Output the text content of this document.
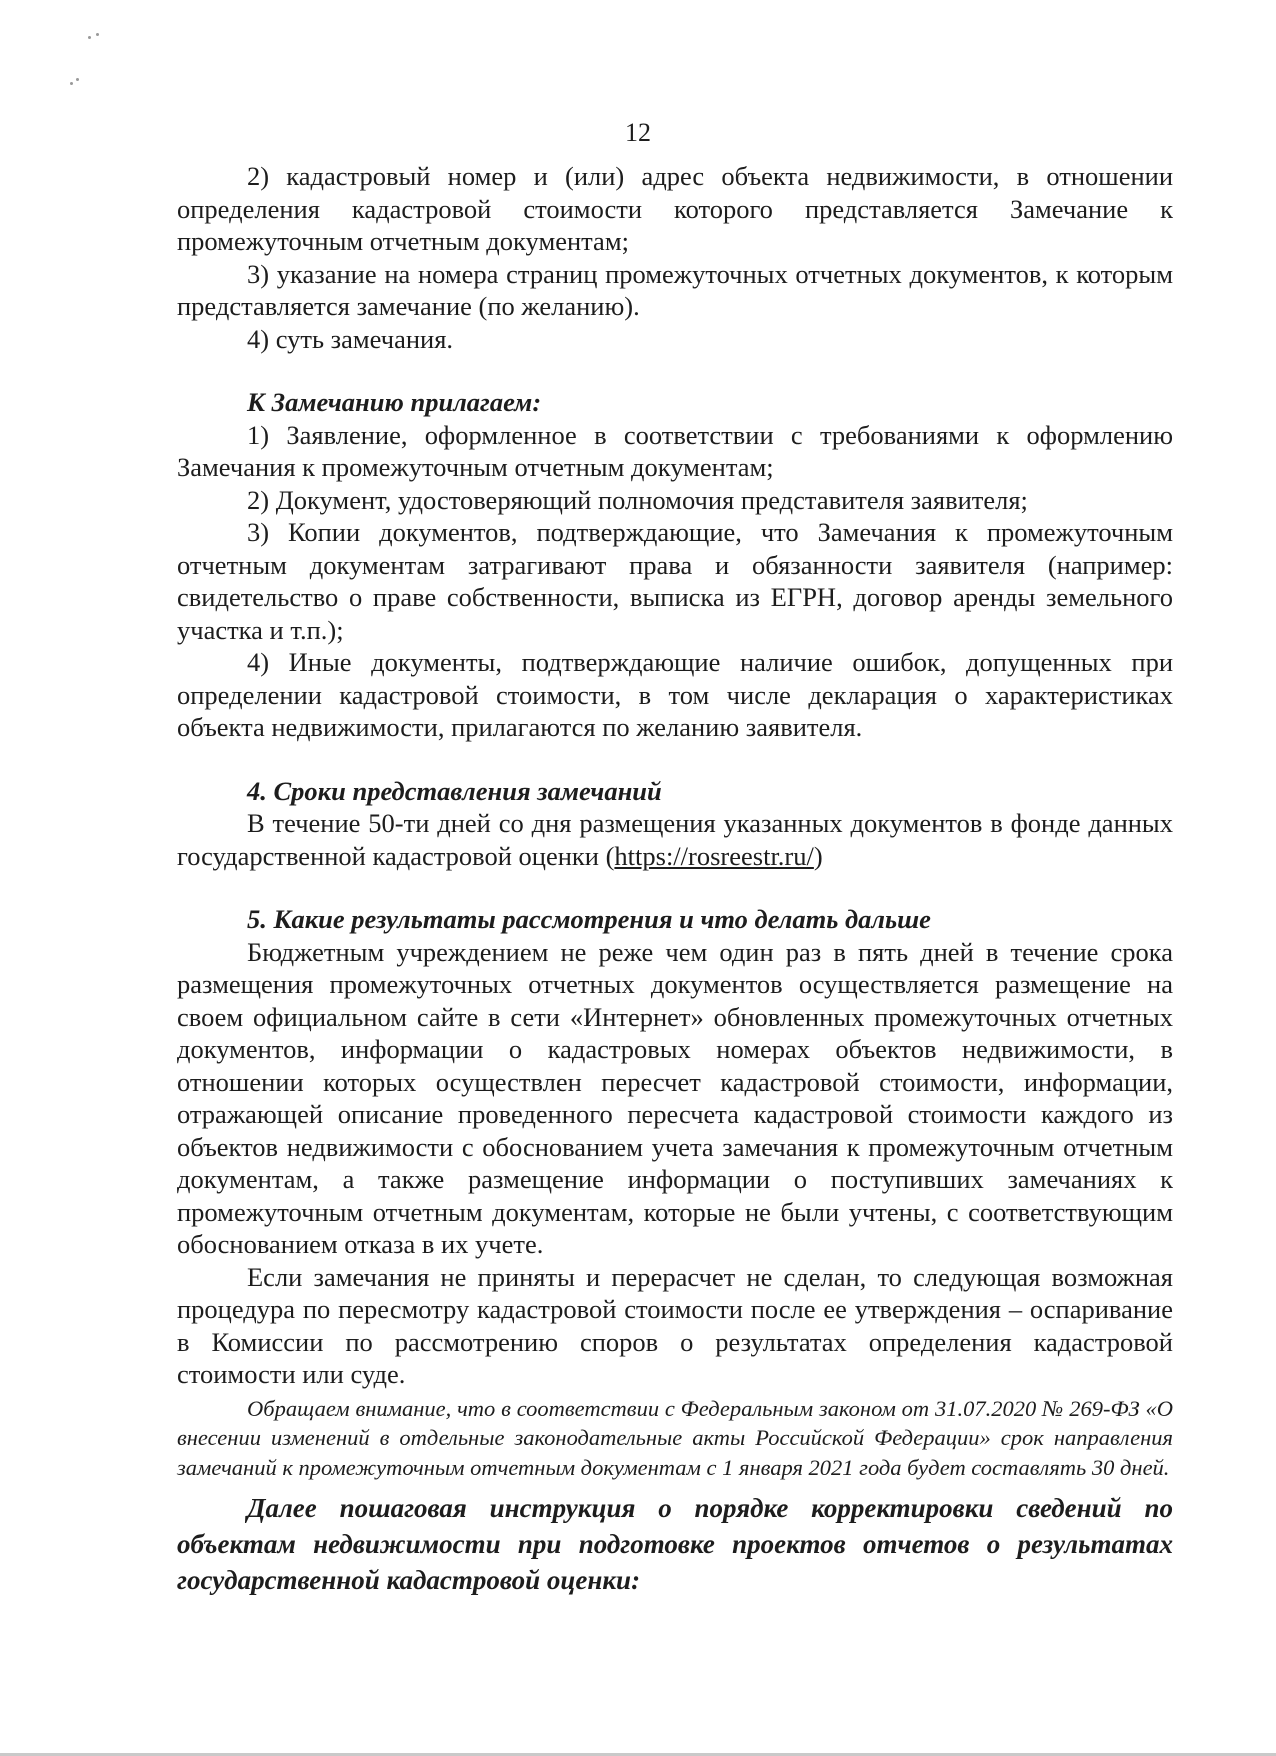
12

2) кадастровый номер и (или) адрес объекта недвижимости, в отношении определения кадастровой стоимости которого представляется Замечание к промежуточным отчетным документам;

3) указание на номера страниц промежуточных отчетных документов, к которым представляется замечание (по желанию).

4) суть замечания.

К Замечанию прилагаем:

1) Заявление, оформленное в соответствии с требованиями к оформлению Замечания к промежуточным отчетным документам;

2) Документ, удостоверяющий полномочия представителя заявителя;

3) Копии документов, подтверждающие, что Замечания к промежуточным отчетным документам затрагивают права и обязанности заявителя (например: свидетельство о праве собственности, выписка из ЕГРН, договор аренды земельного участка и т.п.);

4) Иные документы, подтверждающие наличие ошибок, допущенных при определении кадастровой стоимости, в том числе декларация о характеристиках объекта недвижимости, прилагаются по желанию заявителя.

4. Сроки представления замечаний

В течение 50-ти дней со дня размещения указанных документов в фонде данных государственной кадастровой оценки (https://rosreestr.ru/)

5. Какие результаты рассмотрения и что делать дальше

Бюджетным учреждением не реже чем один раз в пять дней в течение срока размещения промежуточных отчетных документов осуществляется размещение на своем официальном сайте в сети «Интернет» обновленных промежуточных отчетных документов, информации о кадастровых номерах объектов недвижимости, в отношении которых осуществлен пересчет кадастровой стоимости, информации, отражающей описание проведенного пересчета кадастровой стоимости каждого из объектов недвижимости с обоснованием учета замечания к промежуточным отчетным документам, а также размещение информации о поступивших замечаниях к промежуточным отчетным документам, которые не были учтены, с соответствующим обоснованием отказа в их учете.

Если замечания не приняты и перерасчет не сделан, то следующая возможная процедура по пересмотру кадастровой стоимости после ее утверждения – оспаривание в Комиссии по рассмотрению споров о результатах определения кадастровой стоимости или суде.

Обращаем внимание, что в соответствии с Федеральным законом от 31.07.2020 № 269-ФЗ «О внесении изменений в отдельные законодательные акты Российской Федерации» срок направления замечаний к промежуточным отчетным документам с 1 января 2021 года будет составлять 30 дней.

Далее пошаговая инструкция о порядке корректировки сведений по объектам недвижимости при подготовке проектов отчетов о результатах государственной кадастровой оценки:
